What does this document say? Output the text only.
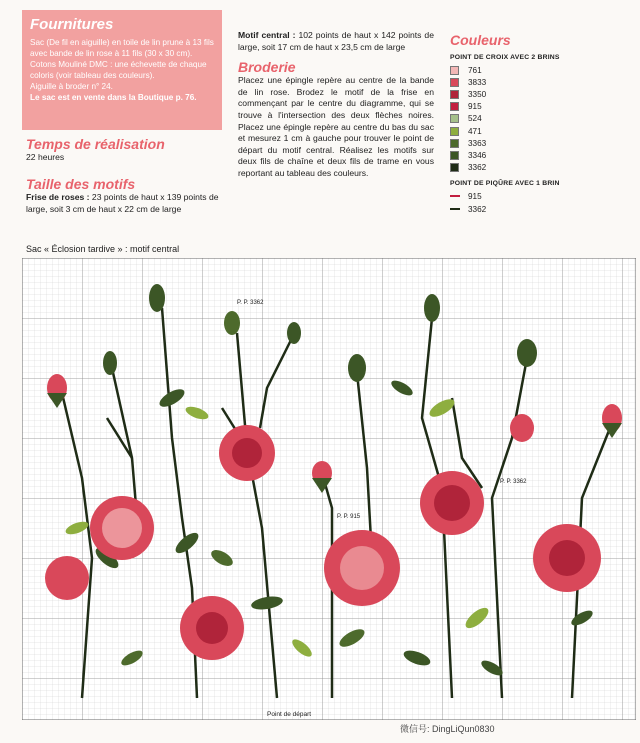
Fournitures

Sac (De fil en aiguille) en toile de lin prune à 13 fils avec bande de lin rose à 11 fils (30 x 30 cm).

Cotons Mouliné DMC : une échevette de chaque coloris (voir tableau des couleurs).

Aiguille à broder n° 24.

Le sac est en vente dans la Boutique p. 76.

Temps de réalisation

22 heures

Taille des motifs

Frise de roses : 23 points de haut x 139 points de large, soit 3 cm de haut x 22 cm de large

Motif central : 102 points de haut x 142 points de large, soit 17 cm de haut x 23,5 cm de large

Broderie

Placez une épingle repère au centre de la bande de lin rose. Brodez le motif de la frise en commençant par le centre du diagramme, qui se trouve à l'intersection des deux flèches noires. Placez une épingle repère au centre du bas du sac et mesurez 1 cm à gauche pour trouver le point de départ du motif central. Réalisez les motifs sur deux fils de chaîne et deux fils de trame en vous reportant au tableau des couleurs.

Couleurs

POINT DE CROIX AVEC 2 BRINS

761
3833
3350
915
524
471
3363
3346
3362

POINT DE PIQÛRE AVEC 1 BRIN

915
3362
Sac « Éclosion tardive » : motif central
P. P. 3362
P. P. 3362
P. P. 915
Point de départ
微信号: DingLiQun0830
